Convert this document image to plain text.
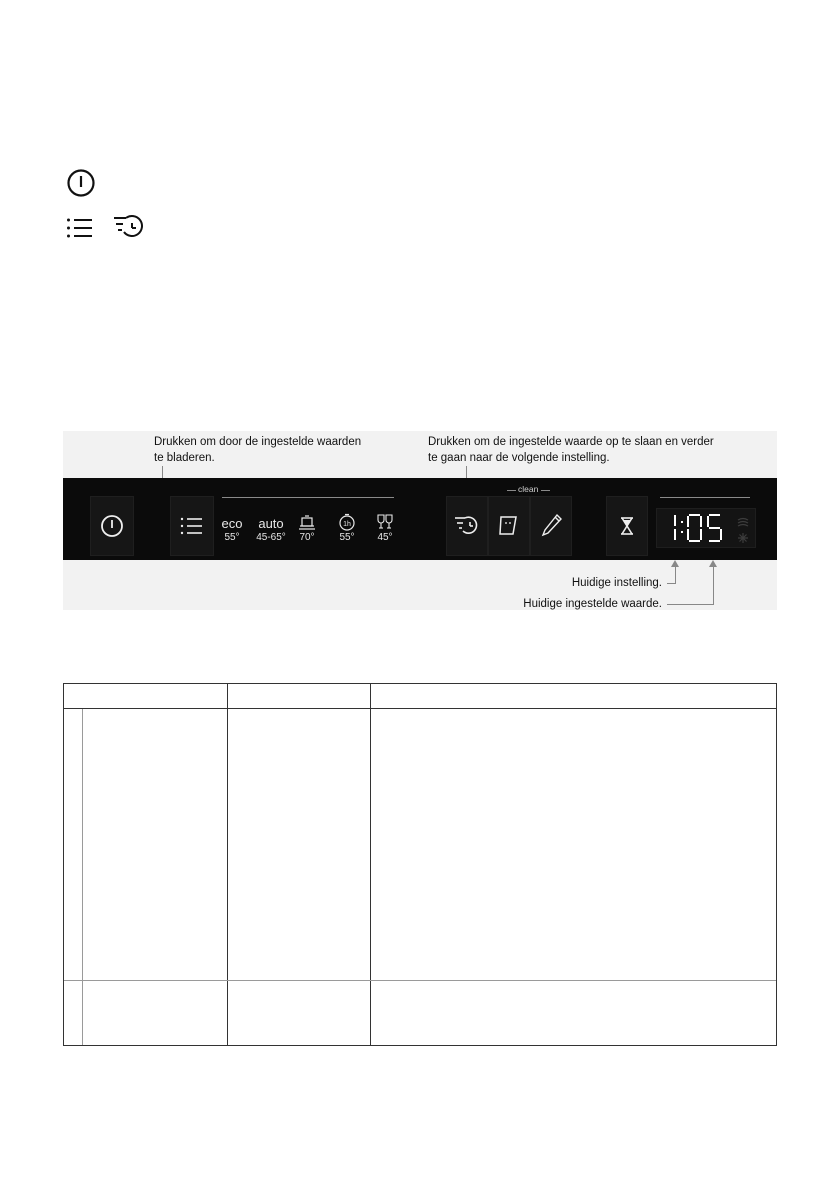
Drukken om door de ingestelde waarden
te bladeren.
Drukken om de ingestelde waarde op te slaan en verder
te gaan naar de volgende instelling.
eco
55°
auto
45-65°	70°
1h
55°	45°
clean
Huidige instelling.
Huidige ingestelde waarde.
